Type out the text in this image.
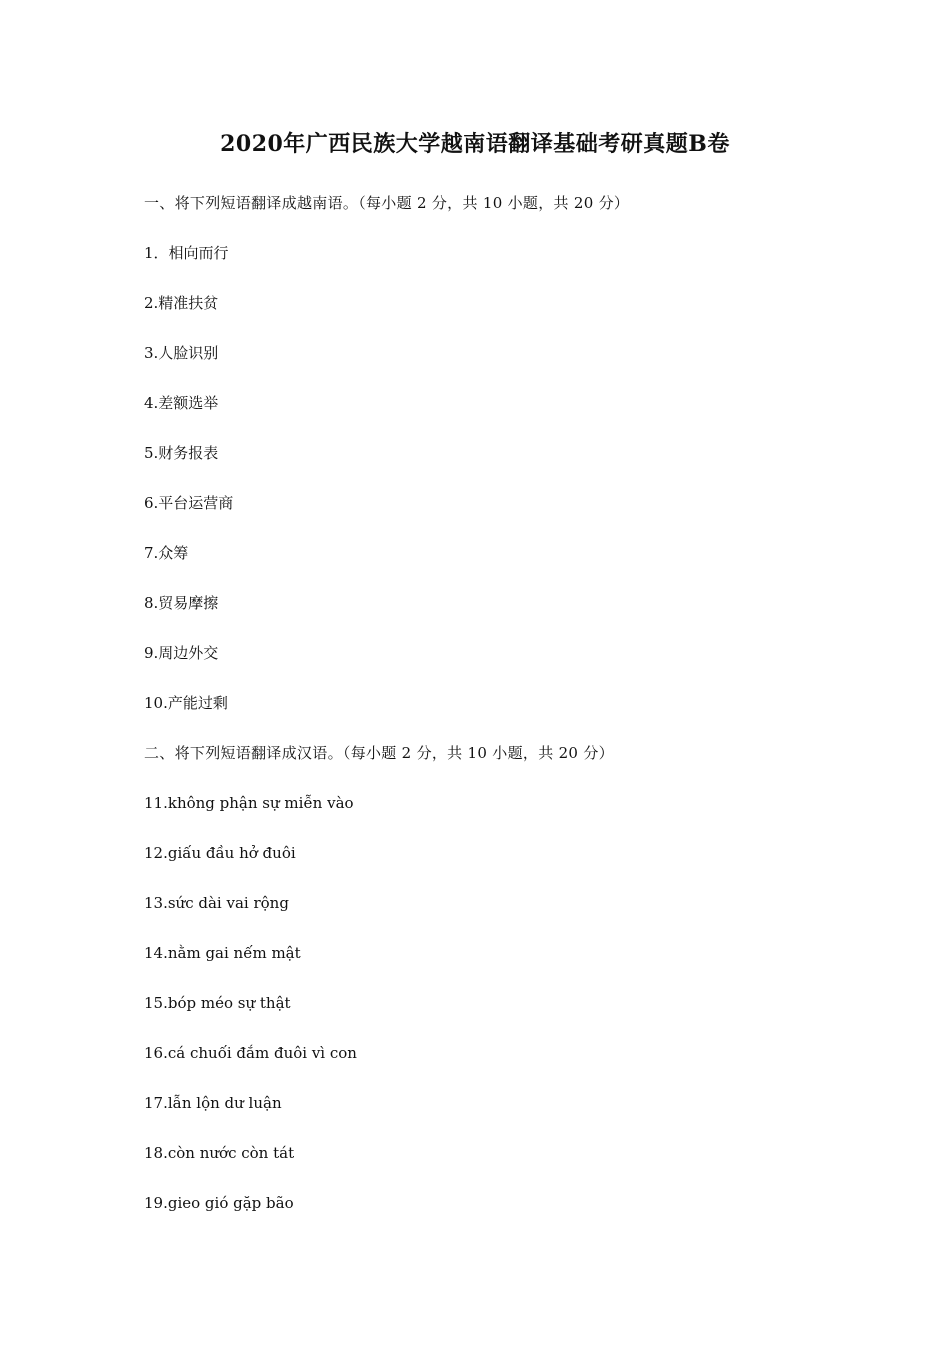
2020年广西民族大学越南语翻译基础考研真题B卷
一、将下列短语翻译成越南语。（每小题 2 分，共 10 小题，共 20 分）
1．相向而行
2.精准扶贫
3.人脸识别
4.差额选举
5.财务报表
6.平台运营商
7.众筹
8.贸易摩擦
9.周边外交
10.产能过剩
二、将下列短语翻译成汉语。（每小题 2 分，共 10 小题，共 20 分）
11.không phận sự miễn vào
12.giấu đầu hở đuôi
13.sức dài vai rộng
14.nằm gai nếm mật
15.bóp méo sự thật
16.cá chuối đắm đuôi vì con
17.lẫn lộn dư luận
18.còn nước còn tát
19.gieo gió gặp bão
